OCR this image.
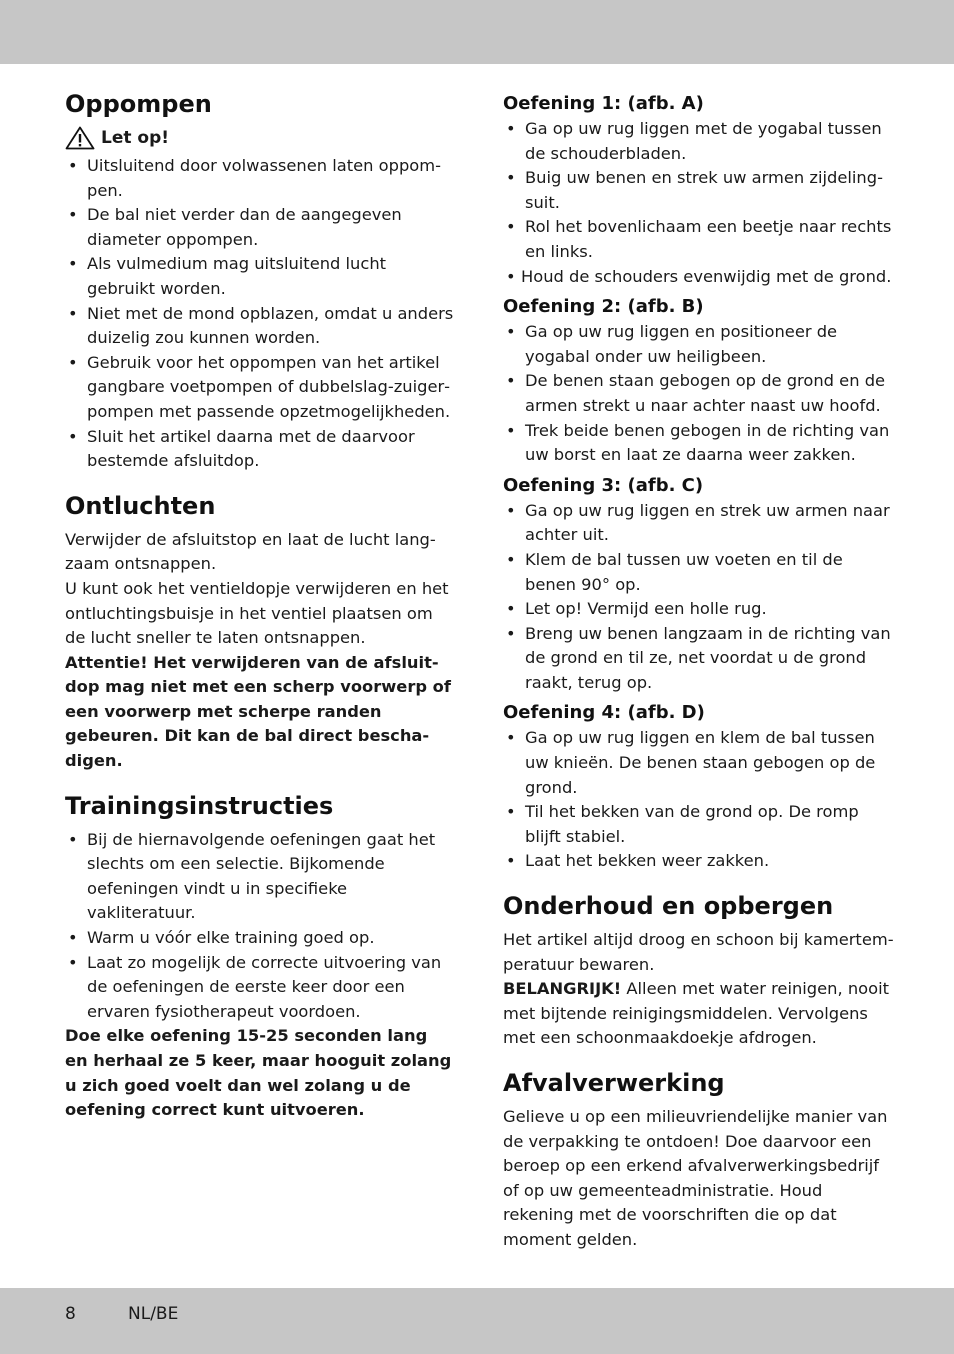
Oppompen
Let op!
• Uitsluitend door volwassenen laten oppompen.
• De bal niet verder dan de aangegeven diameter oppompen.
• Als vulmedium mag uitsluitend lucht gebruikt worden.
• Niet met de mond opblazen, omdat u anders duizelig zou kunnen worden.
• Gebruik voor het oppompen van het artikel gangbare voetpompen of dubbelslag-zuigerpompen met passende opzetmogelijkheden.
• Sluit het artikel daarna met de daarvoor bestemde afsluitdop.
Ontluchten

Verwijder de afsluitstop en laat de lucht langzaam ontsnappen.

U kunt ook het ventieldopje verwijderen en het ontluchtingsbuisje in het ventiel plaatsen om de lucht sneller te laten ontsnappen.

Attentie! Het verwijderen van de afsluitdop mag niet met een scherp voorwerp of een voorwerp met scherpe randen gebeuren. Dit kan de bal direct beschadigen.

Trainingsinstructies
• Bij de hiernavolgende oefeningen gaat het slechts om een selectie. Bijkomende oefeningen vindt u in specifieke vakliteratuur.
• Warm u vóór elke training goed op.
• Laat zo mogelijk de correcte uitvoering van de oefeningen de eerste keer door een ervaren fysiotherapeut voordoen.

Doe elke oefening 15-25 seconden lang en herhaal ze 5 keer, maar hooguit zolang u zich goed voelt dan wel zolang u de oefening correct kunt uitvoeren.

Oefening 1: (afb. A)
• Ga op uw rug liggen met de yogabal tussen de schouderbladen.
• Buig uw benen en strek uw armen zijdelingsuit.
• Rol het bovenlichaam een beetje naar rechts en links.
• Houd de schouders evenwijdig met de grond.
Oefening 2: (afb. B)
• Ga op uw rug liggen en positioneer de yogabal onder uw heiligbeen.
• De benen staan gebogen op de grond en de armen strekt u naar achter naast uw hoofd.
• Trek beide benen gebogen in de richting van uw borst en laat ze daarna weer zakken.
Oefening 3: (afb. C)
• Ga op uw rug liggen en strek uw armen naar achter uit.
• Klem de bal tussen uw voeten en til de benen 90° op.
• Let op! Vermijd een holle rug.
• Breng uw benen langzaam in de richting van de grond en til ze, net voordat u de grond raakt, terug op.
Oefening 4: (afb. D)
• Ga op uw rug liggen en klem de bal tussen uw knieën. De benen staan gebogen op de grond.
• Til het bekken van de grond op. De romp blijft stabiel.
• Laat het bekken weer zakken.
Onderhoud en opbergen

Het artikel altijd droog en schoon bij kamertemperatuur bewaren.

BELANGRIJK! Alleen met water reinigen, nooit met bijtende reinigingsmiddelen. Vervolgens met een schoonmaakdoekje afdrogen.

Afvalverwerking

Gelieve u op een milieuvriendelijke manier van de verpakking te ontdoen! Doe daarvoor een beroep op een erkend afvalverwerkingsbedrijf of op uw gemeenteadministratie. Houd rekening met de voorschriften die op dat moment gelden.

8	NL/BE
